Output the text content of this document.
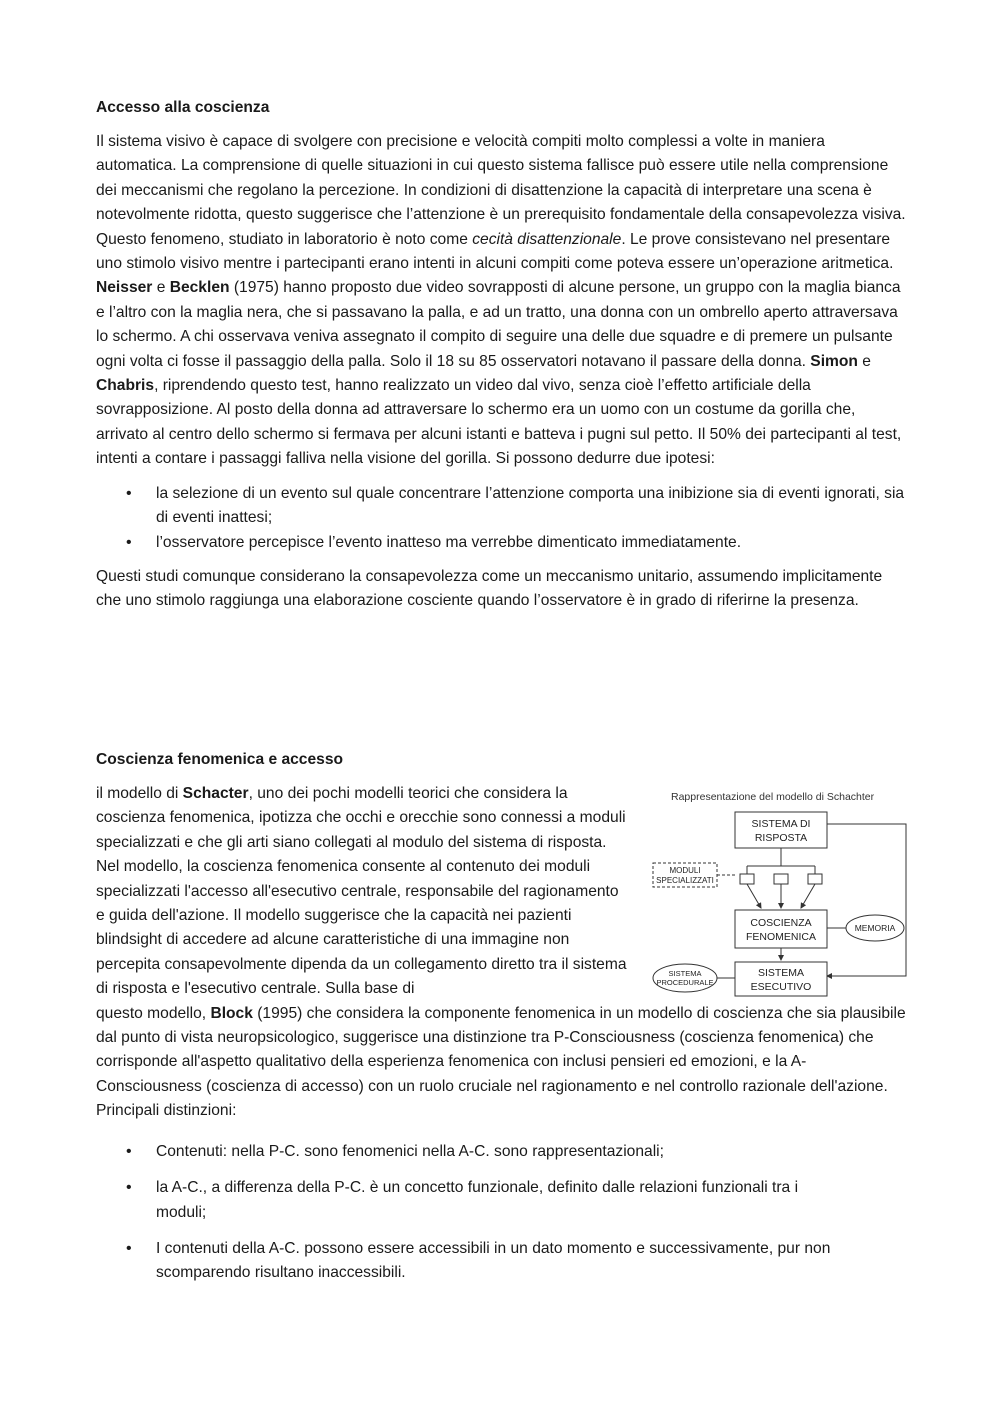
Accesso alla coscienza

Il sistema visivo è capace di svolgere con precisione e velocità compiti molto complessi a volte in maniera automatica. La comprensione di quelle situazioni in cui questo sistema fallisce può essere utile nella comprensione dei meccanismi che regolano la percezione. In condizioni di disattenzione la capacità di interpretare una scena è notevolmente ridotta, questo suggerisce che l’attenzione è un prerequisito fondamentale della consapevolezza visiva. Questo fenomeno, studiato in laboratorio è noto come cecità disattenzionale. Le prove consistevano nel presentare uno stimolo visivo mentre i partecipanti erano intenti in alcuni compiti come poteva essere un’operazione aritmetica. Neisser e Becklen (1975) hanno proposto due video sovrapposti di alcune persone, un gruppo con la maglia bianca e l’altro con la maglia nera, che si passavano la palla, e ad un tratto, una donna con un ombrello aperto attraversava lo schermo. A chi osservava veniva assegnato il compito di seguire una delle due squadre e di premere un pulsante ogni volta ci fosse il passaggio della palla. Solo il 18 su 85 osservatori notavano il passare della donna. Simon e Chabris, riprendendo questo test, hanno realizzato un video dal vivo, senza cioè l’effetto artificiale della sovrapposizione. Al posto della donna ad attraversare lo schermo era un uomo con un costume da gorilla che, arrivato al centro dello schermo si fermava per alcuni istanti e batteva i pugni sul petto. Il 50% dei partecipanti al test, intenti a contare i passaggi falliva nella visione del gorilla. Si possono dedurre due ipotesi:

• la selezione di un evento sul quale concentrare l’attenzione comporta una inibizione sia di eventi ignorati, sia di eventi inattesi;
• l’osservatore percepisce l’evento inatteso ma verrebbe dimenticato immediatamente.

Questi studi comunque considerano la consapevolezza come un meccanismo unitario, assumendo implicitamente che uno stimolo raggiunga una elaborazione cosciente quando l’osservatore è in grado di riferirne la presenza.

Coscienza fenomenica e accesso
Rappresentazione del modello di Schachter
SISTEMA DI
RISPOSTA
MODULI
SPECIALIZZATI
COSCIENZA
FENOMENICA
MEMORIA
SISTEMA
ESECUTIVO
SISTEMA
PROCEDURALE

il modello di Schacter, uno dei pochi modelli teorici che considera la coscienza fenomenica, ipotizza che occhi e orecchie sono connessi a moduli specializzati e che gli arti siano collegati al modulo del sistema di risposta. Nel modello, la coscienza fenomenica consente al contenuto dei moduli specializzati l'accesso all'esecutivo centrale, responsabile del ragionamento e guida dell'azione. Il modello suggerisce che la capacità nei pazienti blindsight di accedere ad alcune caratteristiche di una immagine non percepita consapevolmente dipenda da un collegamento diretto tra il sistema di risposta e l'esecutivo centrale. Sulla base di

questo modello, Block (1995) che considera la componente fenomenica in un modello di coscienza che sia plausibile dal punto di vista neuropsicologico, suggerisce una distinzione tra P-Consciousness (coscienza fenomenica) che corrisponde all'aspetto qualitativo della esperienza fenomenica con inclusi pensieri ed emozioni, e la A-Consciousness (coscienza di accesso) con un ruolo cruciale nel ragionamento e nel controllo razionale dell'azione. Principali distinzioni:

• Contenuti: nella P-C. sono fenomenici nella A-C. sono rappresentazionali;
• la A-C., a differenza della P-C. è un concetto funzionale, definito dalle relazioni funzionali tra i moduli;
• I contenuti della A-C. possono essere accessibili in un dato momento e successivamente, pur non scomparendo risultano inaccessibili.
